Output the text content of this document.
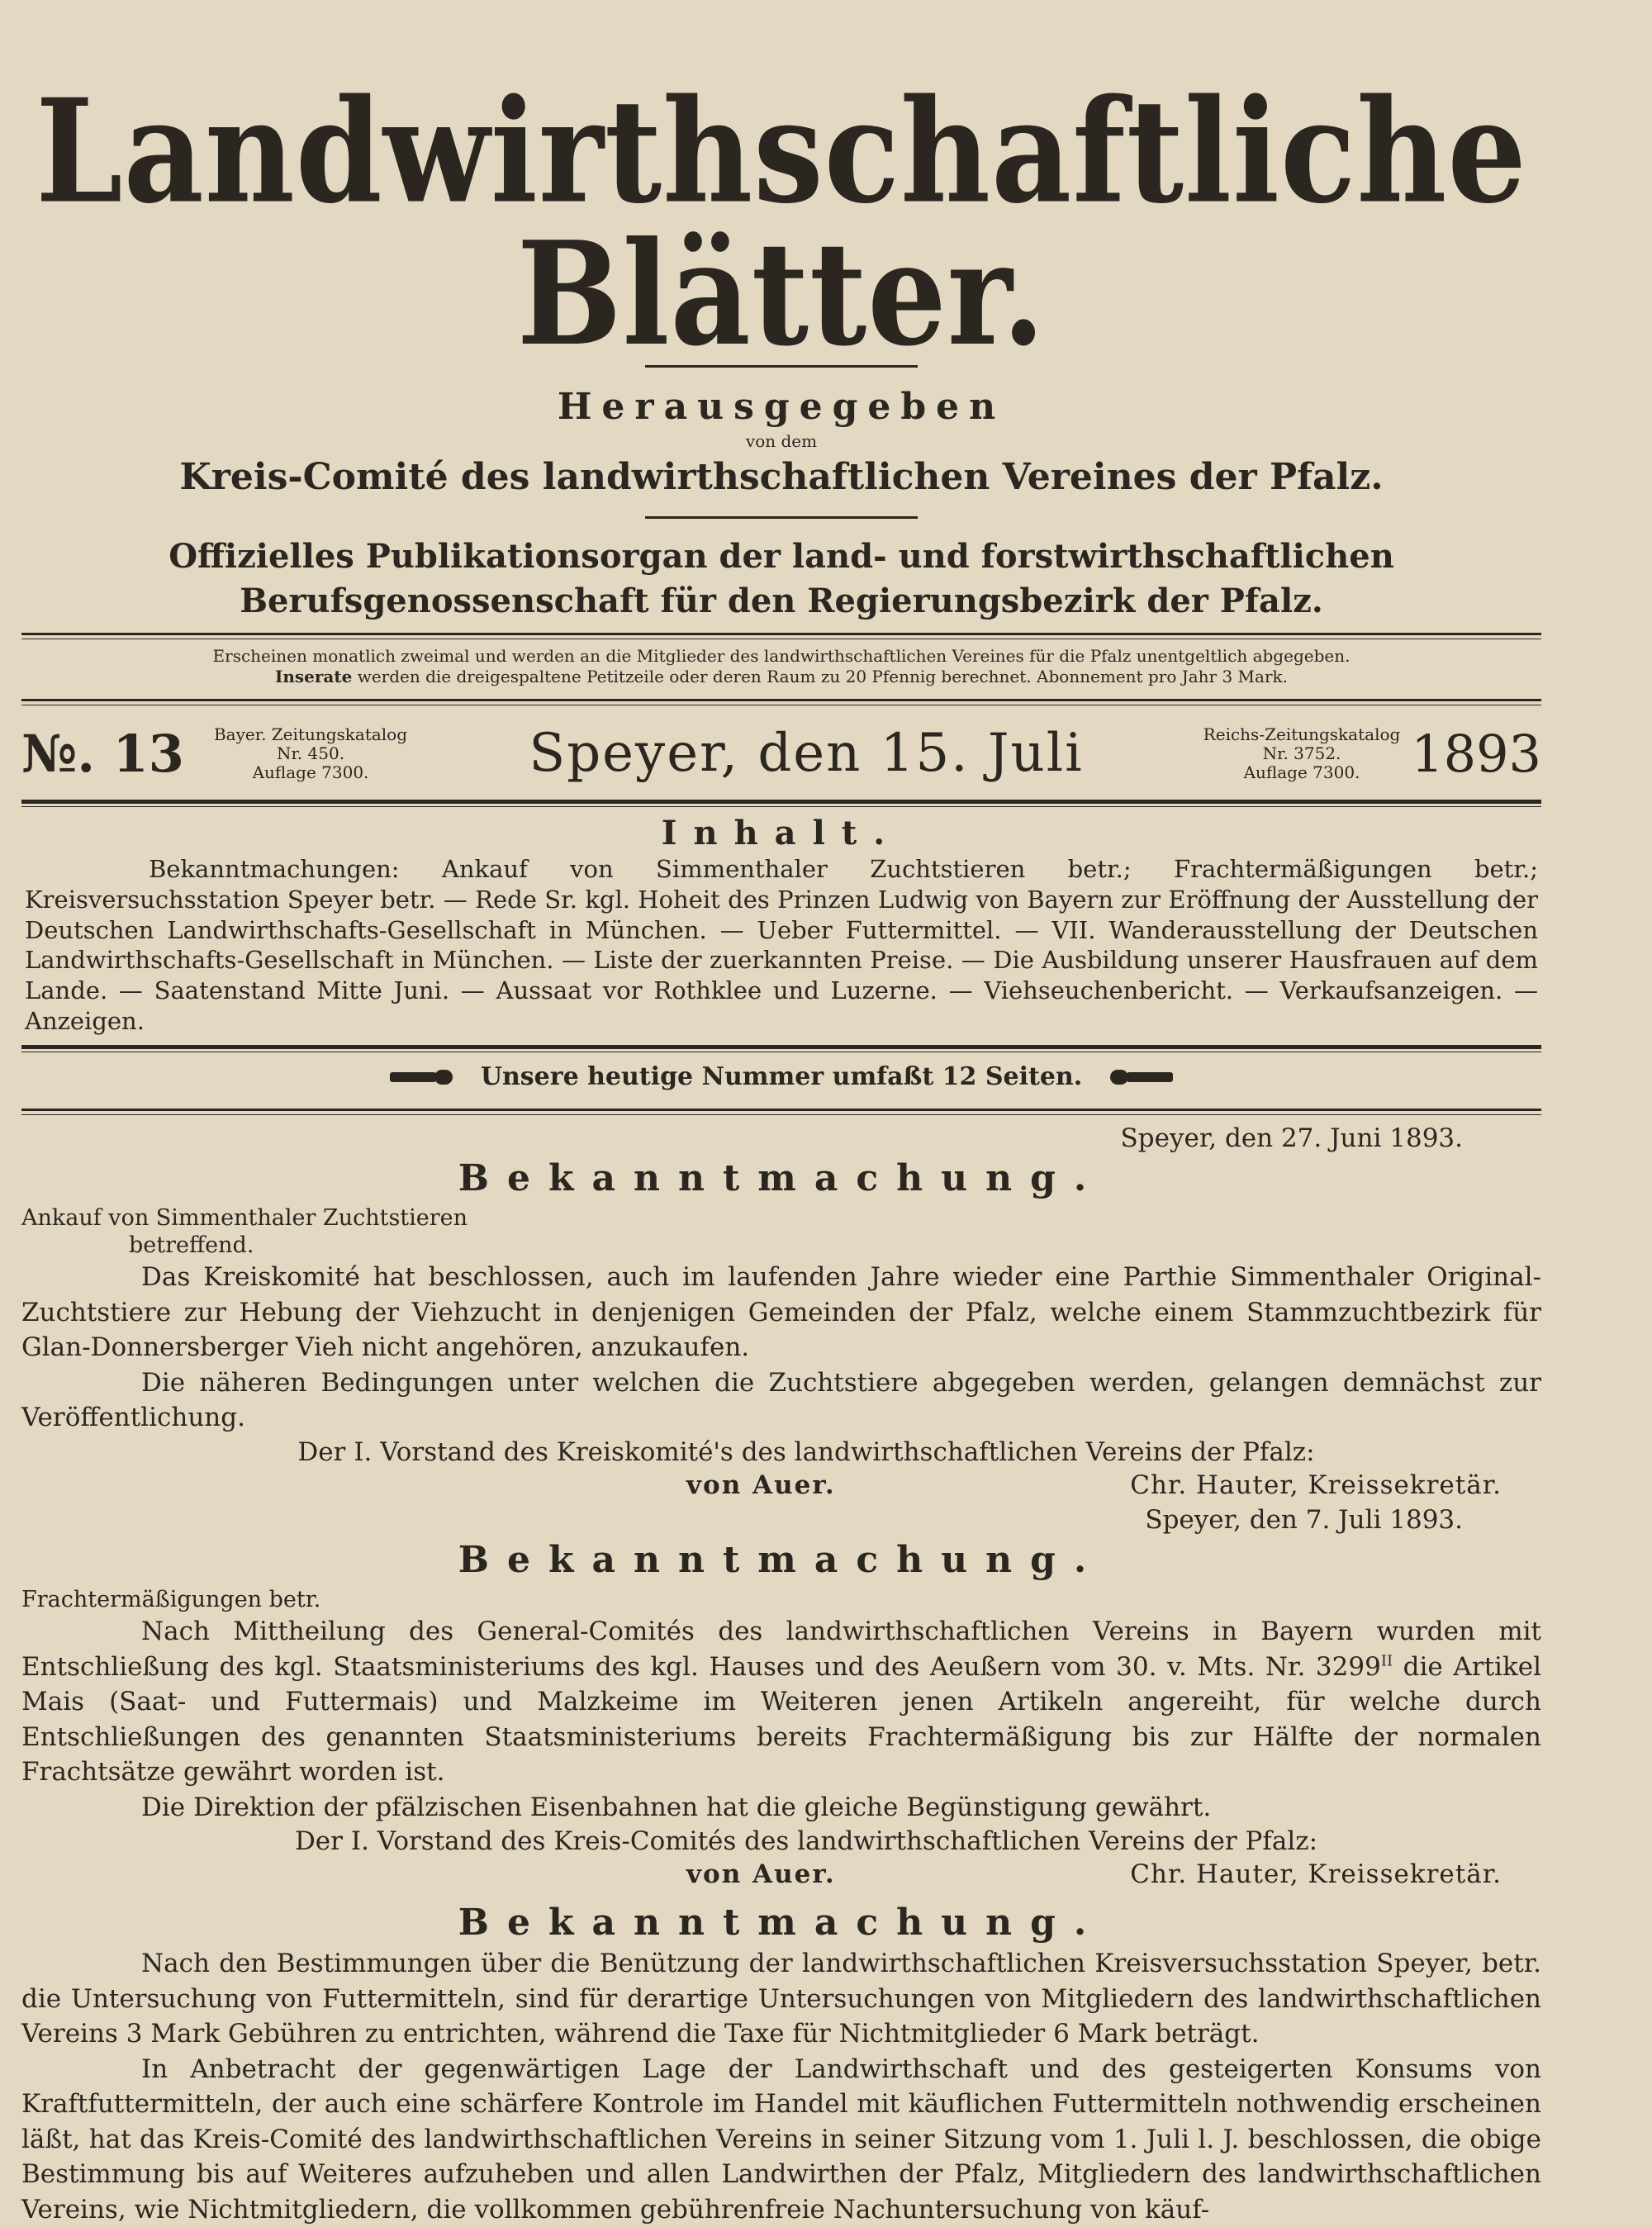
Landwirthschaftliche Blätter.
Herausgegeben
von dem
Kreis-Comité des landwirthschaftlichen Vereines der Pfalz.
Offizielles Publikationsorgan der land- und forstwirthschaftlichen
Berufsgenossenschaft für den Regierungsbezirk der Pfalz.
Erscheinen monatlich zweimal und werden an die Mitglieder des landwirthschaftlichen Vereines für die Pfalz unentgeltlich abgegeben.
Inserate werden die dreigespaltene Petitzeile oder deren Raum zu 20 Pfennig berechnet. Abonnement pro Jahr 3 Mark.
№. 13	Bayer. Zeitungskatalog
Nr. 450.
Auflage 7300.	Speyer, den 15. Juli	Reichs-Zeitungskatalog
Nr. 3752.
Auflage 7300. 1893
Inhalt.

Bekanntmachungen: Ankauf von Simmenthaler Zuchtstieren betr.; Frachtermäßigungen betr.; Kreisversuchsstation Speyer betr. — Rede Sr. kgl. Hoheit des Prinzen Ludwig von Bayern zur Eröffnung der Ausstellung der Deutschen Landwirthschafts-Gesellschaft in München. — Ueber Futtermittel. — VII. Wanderausstellung der Deutschen Landwirthschafts-Gesellschaft in München. — Liste der zuerkannten Preise. — Die Ausbildung unserer Hausfrauen auf dem Lande. — Saatenstand Mitte Juni. — Aussaat vor Rothklee und Luzerne. — Viehseuchenbericht. — Verkaufsanzeigen. — Anzeigen.

Unsere heutige Nummer umfaßt 12 Seiten.
Speyer, den 27. Juni 1893.
Bekanntmachung.
Ankauf von Simmenthaler Zuchtstieren
betreffend.

Das Kreiskomité hat beschlossen, auch im laufenden Jahre wieder eine Parthie Simmenthaler Original-Zuchtstiere zur Hebung der Viehzucht in denjenigen Gemeinden der Pfalz, welche einem Stammzuchtbezirk für Glan-Donnersberger Vieh nicht angehören, anzukaufen.

Die näheren Bedingungen unter welchen die Zuchtstiere abgegeben werden, gelangen demnächst zur Veröffentlichung.

Der I. Vorstand des Kreiskomité's des landwirthschaftlichen Vereins der Pfalz:
von Auer.	Chr. Hauter, Kreissekretär.
Speyer, den 7. Juli 1893.
Bekanntmachung.
Frachtermäßigungen betr.

Nach Mittheilung des General-Comités des landwirthschaftlichen Vereins in Bayern wurden mit Entschließung des kgl. Staatsministeriums des kgl. Hauses und des Aeußern vom 30. v. Mts. Nr. $3299^{II}$ die Artikel Mais (Saat- und Futtermais) und Malzkeime im Weiteren jenen Artikeln angereiht, für welche durch Entschließungen des genannten Staatsministeriums bereits Frachtermäßigung bis zur Hälfte der normalen Frachtsätze gewährt worden ist.

Die Direktion der pfälzischen Eisenbahnen hat die gleiche Begünstigung gewährt.

Der I. Vorstand des Kreis-Comités des landwirthschaftlichen Vereins der Pfalz:
von Auer.	Chr. Hauter, Kreissekretär.
Bekanntmachung.

Nach den Bestimmungen über die Benützung der landwirthschaftlichen Kreisversuchsstation Speyer, betr. die Untersuchung von Futtermitteln, sind für derartige Untersuchungen von Mitgliedern des landwirthschaftlichen Vereins 3 Mark Gebühren zu entrichten, während die Taxe für Nichtmitglieder 6 Mark beträgt.

In Anbetracht der gegenwärtigen Lage der Landwirthschaft und des gesteigerten Konsums von Kraftfuttermitteln, der auch eine schärfere Kontrole im Handel mit käuflichen Futtermitteln nothwendig erscheinen läßt, hat das Kreis-Comité des landwirthschaftlichen Vereins in seiner Sitzung vom 1. Juli l. J. beschlossen, die obige Bestimmung bis auf Weiteres aufzuheben und allen Landwirthen der Pfalz, Mitgliedern des landwirthschaftlichen Vereins, wie Nichtmitgliedern, die vollkommen gebührenfreie Nachuntersuchung von käuf-
